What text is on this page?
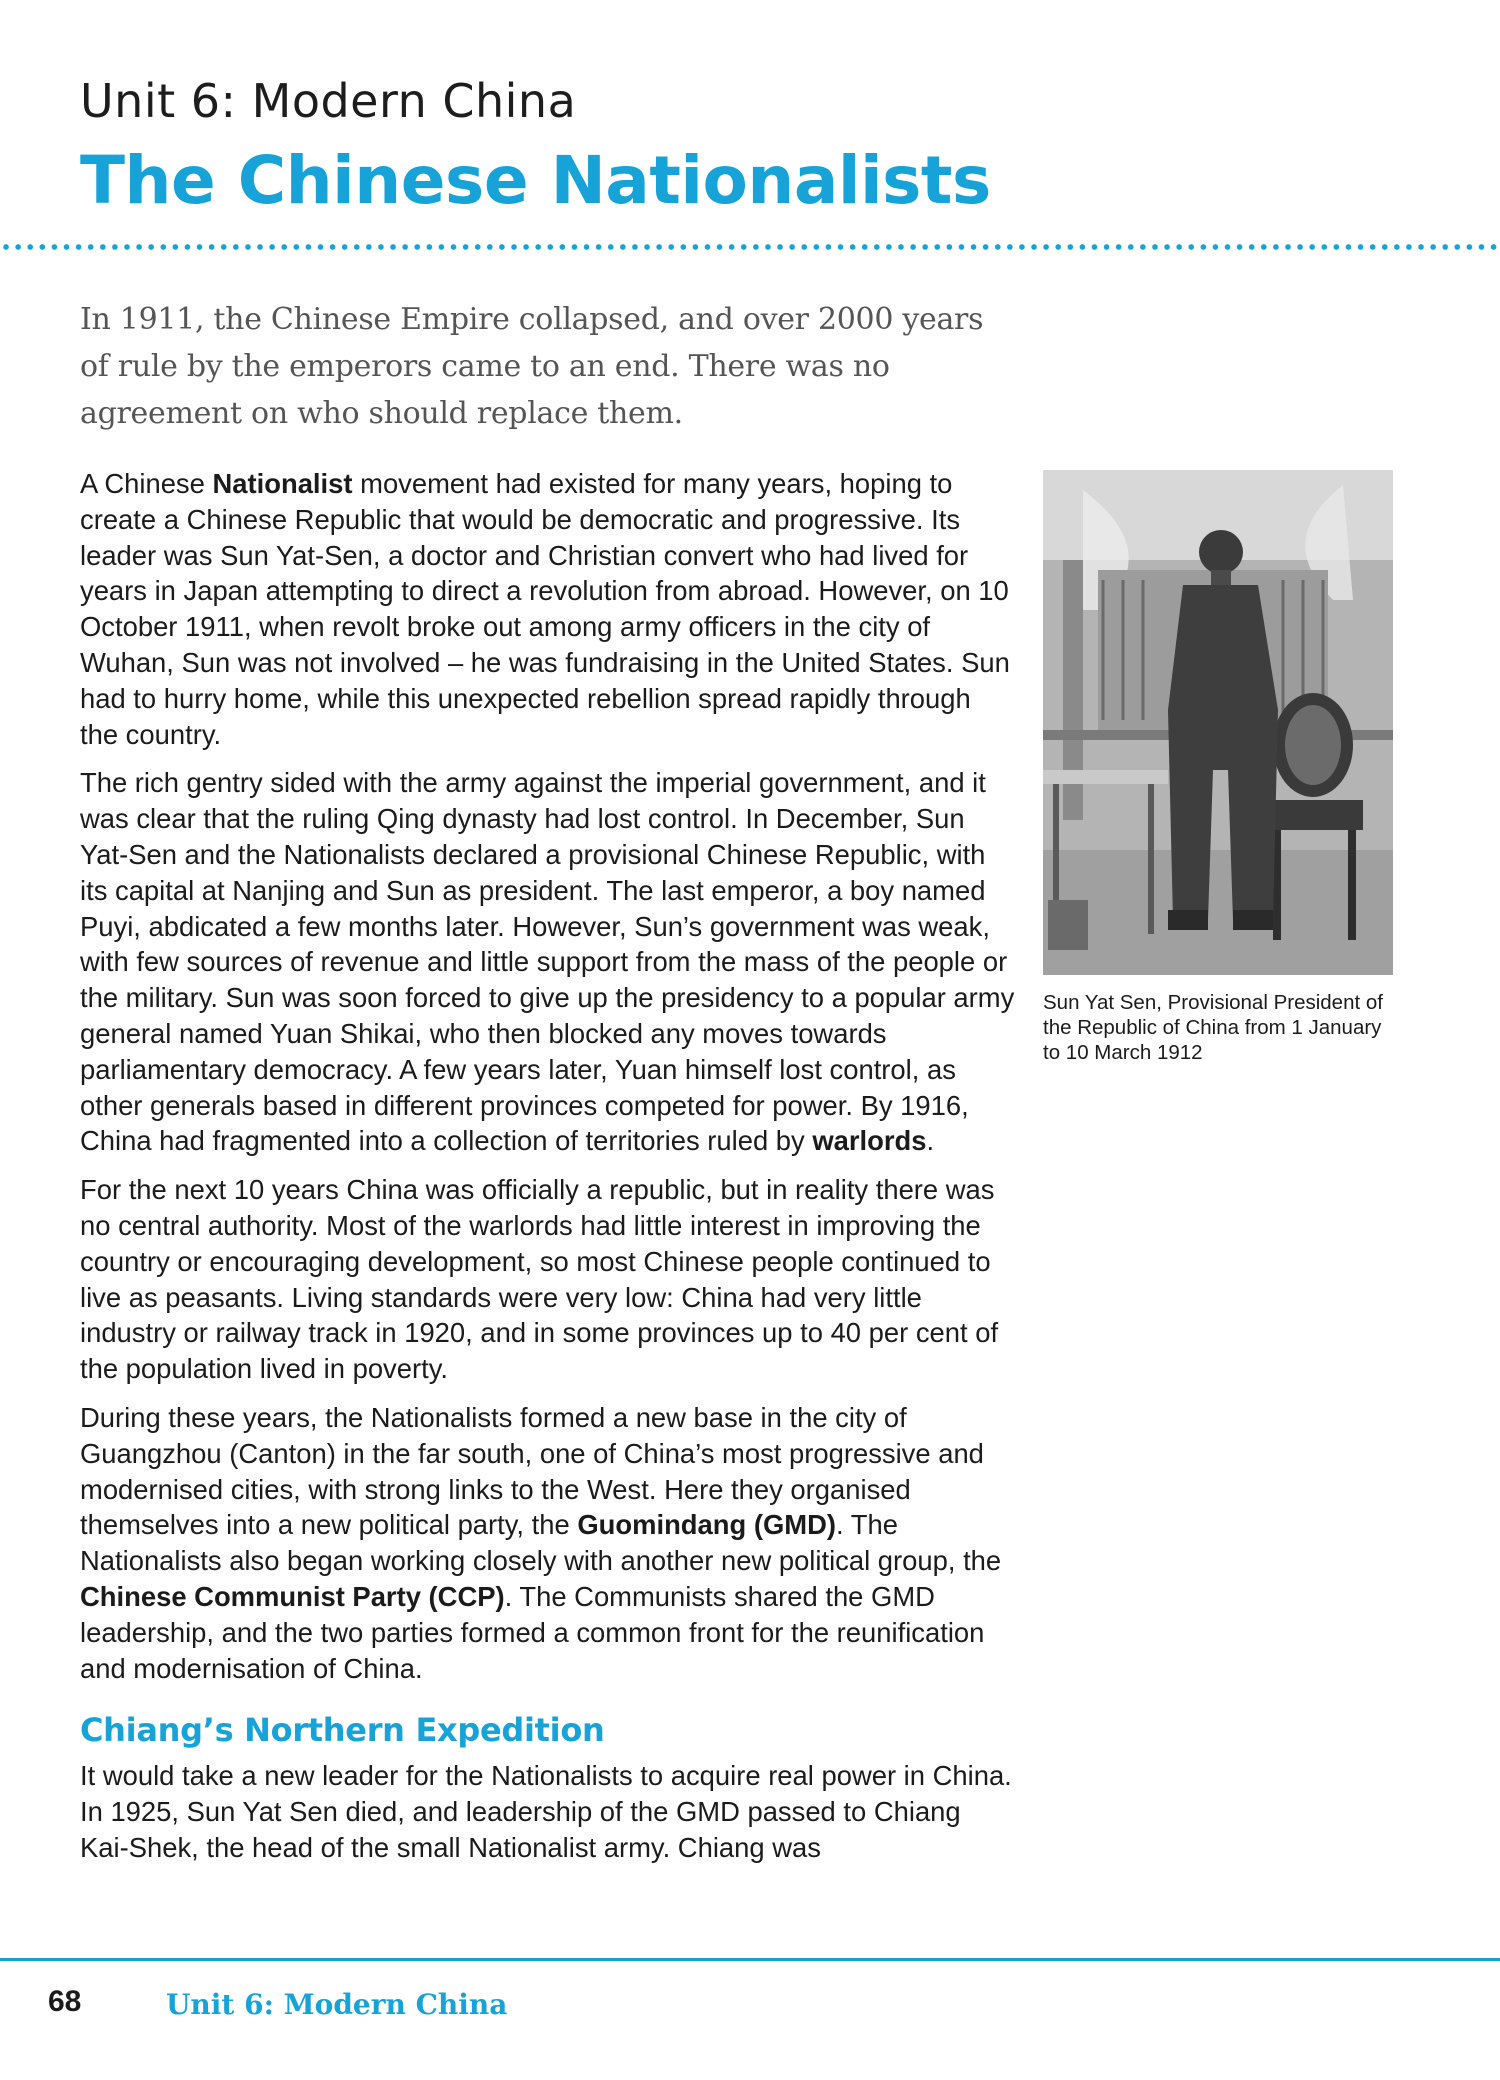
Unit 6: Modern China
The Chinese Nationalists

In 1911, the Chinese Empire collapsed, and over 2000 years of rule by the emperors came to an end. There was no agreement on who should replace them.

A Chinese Nationalist movement had existed for many years, hoping to create a Chinese Republic that would be democratic and progressive. Its leader was Sun Yat-Sen, a doctor and Christian convert who had lived for years in Japan attempting to direct a revolution from abroad. However, on 10 October 1911, when revolt broke out among army officers in the city of Wuhan, Sun was not involved – he was fundraising in the United States. Sun had to hurry home, while this unexpected rebellion spread rapidly through the country.

The rich gentry sided with the army against the imperial government, and it was clear that the ruling Qing dynasty had lost control. In December, Sun Yat-Sen and the Nationalists declared a provisional Chinese Republic, with its capital at Nanjing and Sun as president. The last emperor, a boy named Puyi, abdicated a few months later. However, Sun’s government was weak, with few sources of revenue and little support from the mass of the people or the military. Sun was soon forced to give up the presidency to a popular army general named Yuan Shikai, who then blocked any moves towards parliamentary democracy. A few years later, Yuan himself lost control, as other generals based in different provinces competed for power. By 1916, China had fragmented into a collection of territories ruled by warlords.

For the next 10 years China was officially a republic, but in reality there was no central authority. Most of the warlords had little interest in improving the country or encouraging development, so most Chinese people continued to live as peasants. Living standards were very low: China had very little industry or railway track in 1920, and in some provinces up to 40 per cent of the population lived in poverty.

During these years, the Nationalists formed a new base in the city of Guangzhou (Canton) in the far south, one of China’s most progressive and modernised cities, with strong links to the West. Here they organised themselves into a new political party, the Guomindang (GMD). The Nationalists also began working closely with another new political group, the Chinese Communist Party (CCP). The Communists shared the GMD leadership, and the two parties formed a common front for the reunification and modernisation of China.

Chiang’s Northern Expedition

It would take a new leader for the Nationalists to acquire real power in China. In 1925, Sun Yat Sen died, and leadership of the GMD passed to Chiang Kai-Shek, the head of the small Nationalist army. Chiang was

Sun Yat Sen, Provisional President of the Republic of China from 1 January to 10 March 1912

68	Unit 6: Modern China
